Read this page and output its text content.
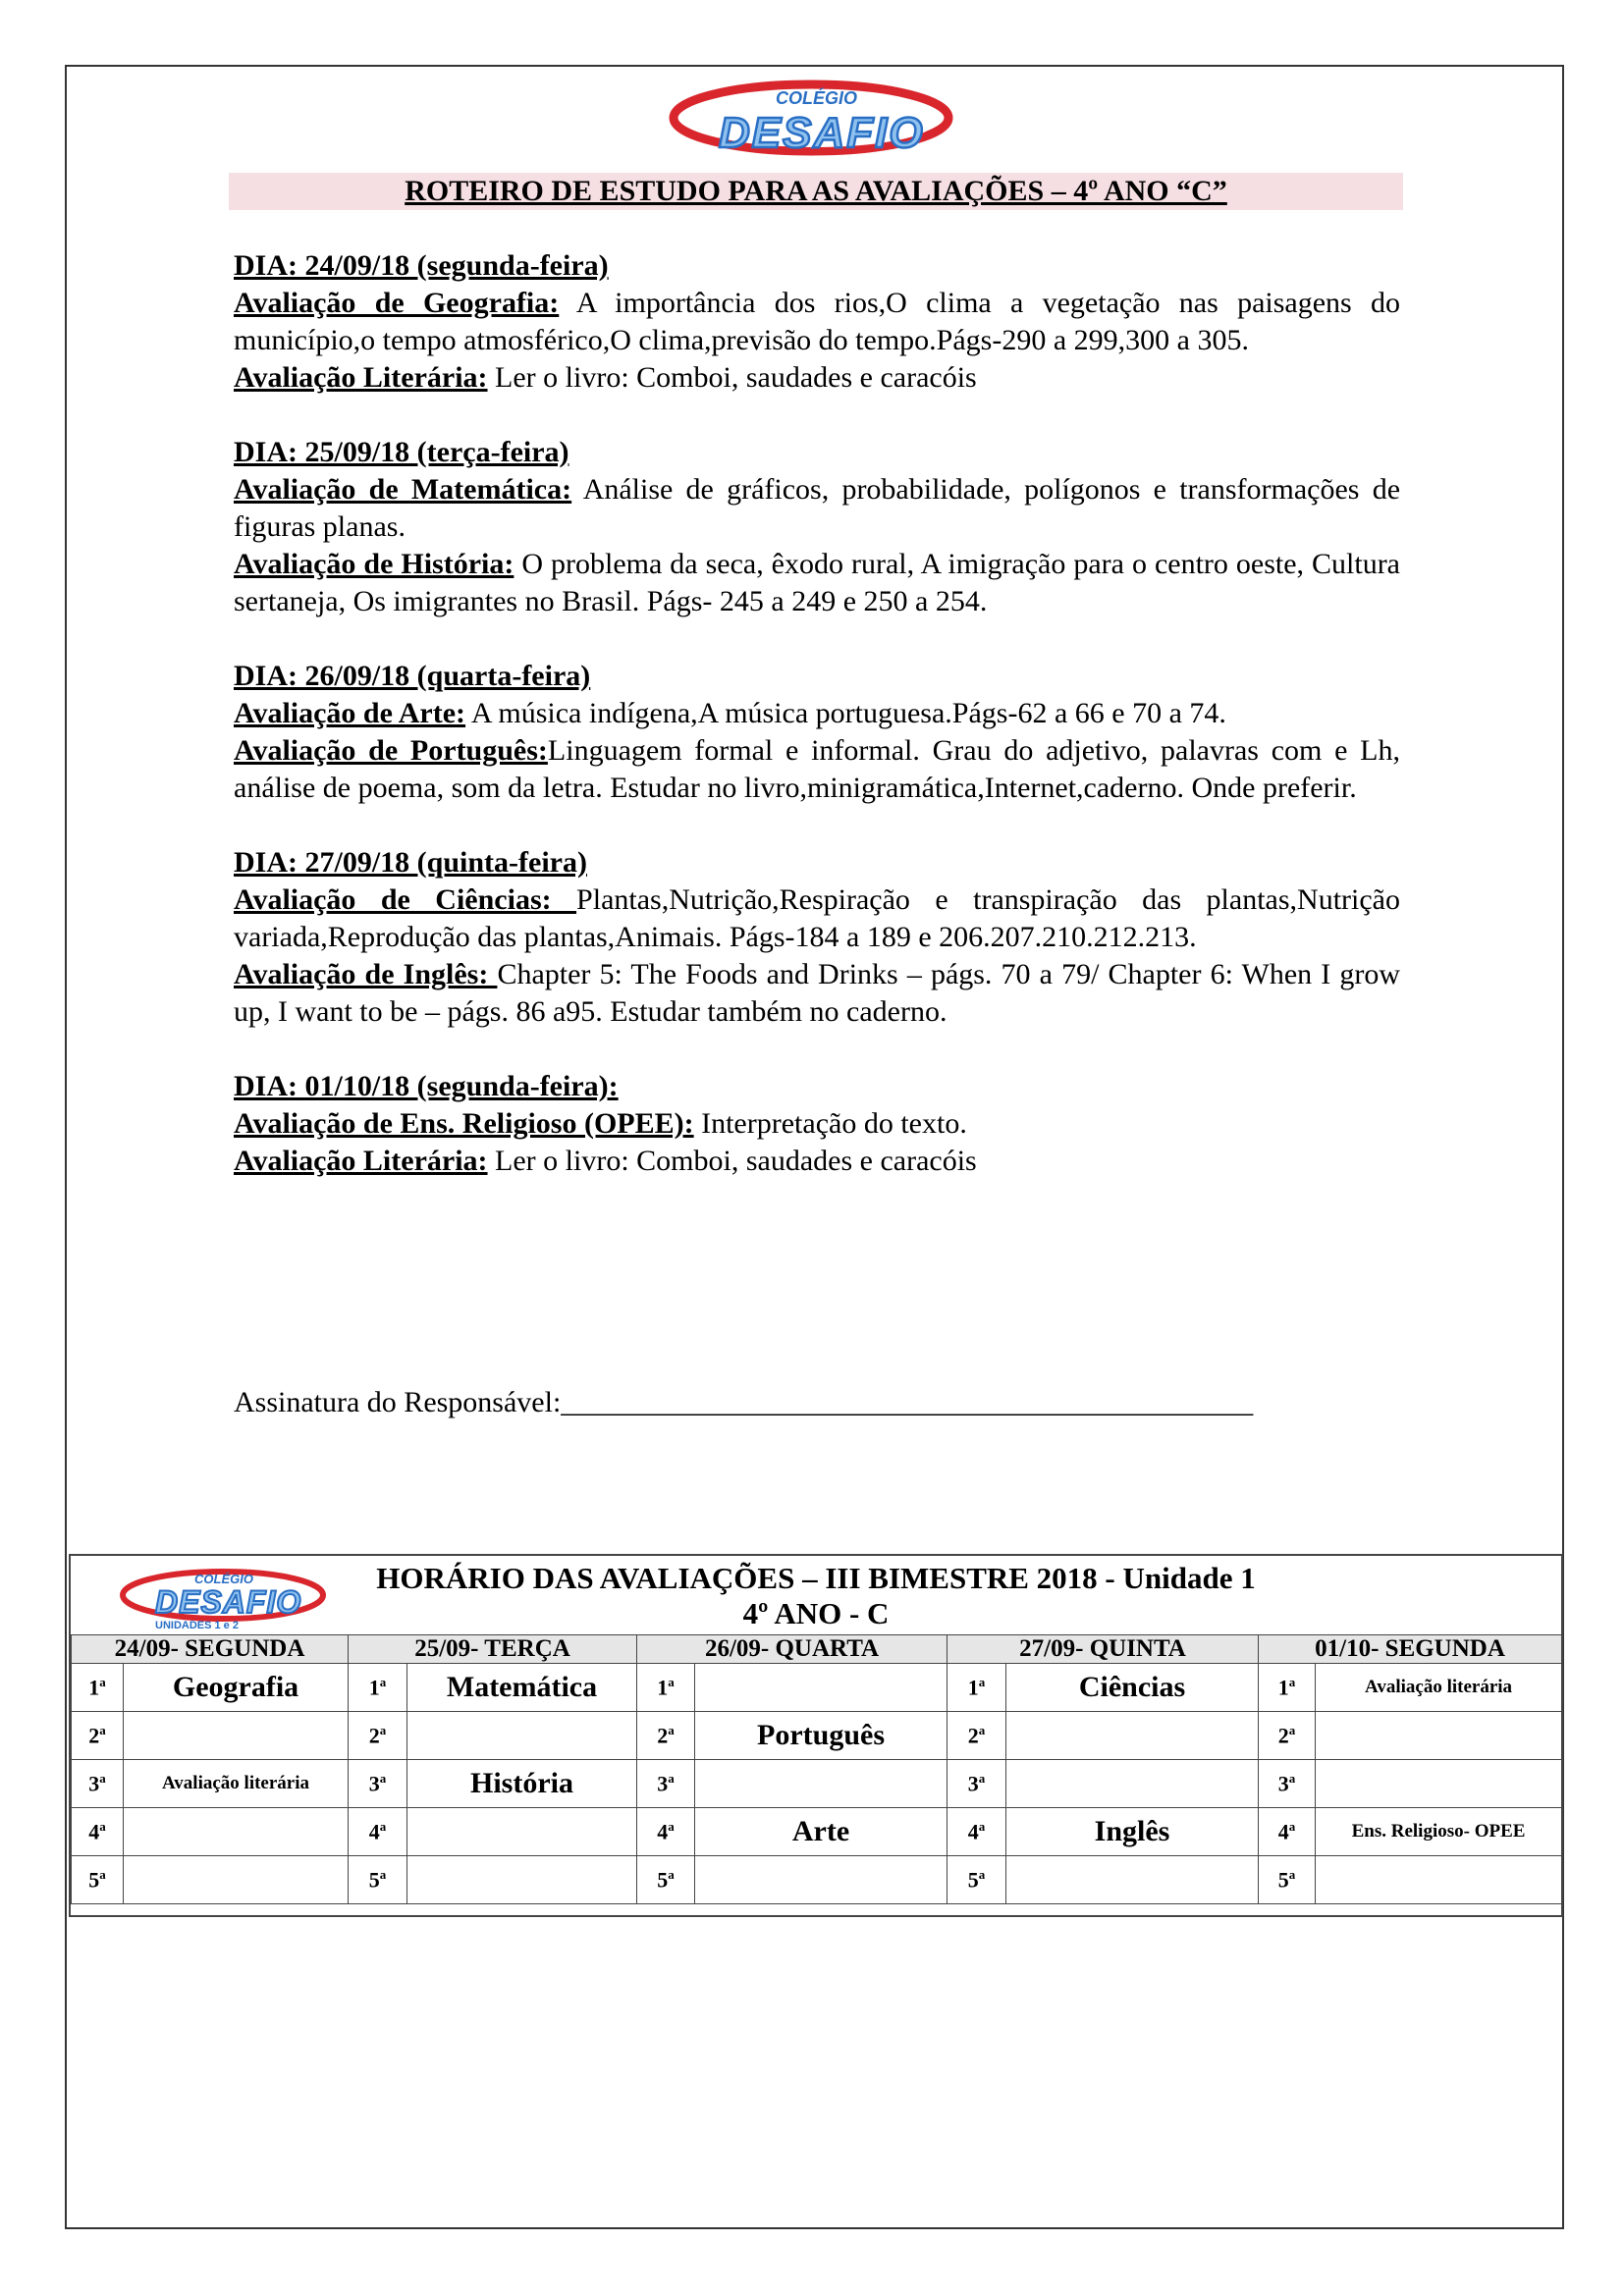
COLÉGIO
DESAFIO
ROTEIRO DE ESTUDO PARA AS AVALIAÇÕES – 4º ANO “C”
DIA: 24/09/18 (segunda-feira)

Avaliação de Geografia: A importância dos rios,O clima a vegetação nas paisagens do município,o tempo atmosférico,O clima,previsão do tempo.Págs-290 a 299,300 a 305.

Avaliação Literária: Ler o livro: Comboi, saudades e caracóis

DIA: 25/09/18 (terça-feira)

Avaliação de Matemática: Análise de gráficos, probabilidade, polígonos e transformações de figuras planas.

Avaliação de História: O problema da seca, êxodo rural, A imigração para o centro oeste, Cultura sertaneja, Os imigrantes no Brasil. Págs- 245 a 249 e 250 a 254.

DIA: 26/09/18 (quarta-feira)

Avaliação de Arte: A música indígena,A música portuguesa.Págs-62 a 66 e 70 a 74.

Avaliação de Português:Linguagem formal e informal. Grau do adjetivo, palavras com e Lh, análise de poema, som da letra. Estudar no livro,minigramática,Internet,caderno. Onde preferir.

DIA: 27/09/18 (quinta-feira)

Avaliação de Ciências: Plantas,Nutrição,Respiração e transpiração das plantas,Nutrição variada,Reprodução das plantas,Animais. Págs-184 a 189 e 206.207.210.212.213.

Avaliação de Inglês: Chapter 5: The Foods and Drinks – págs. 70 a 79/ Chapter 6: When I grow up, I want to be – págs. 86 a95. Estudar também no caderno.

DIA: 01/10/18 (segunda-feira):

Avaliação de Ens. Religioso (OPEE): Interpretação do texto.

Avaliação Literária: Ler o livro: Comboi, saudades e caracóis

Assinatura do Responsável:_______________________________________________
HORÁRIO DAS AVALIAÇÕES – III BIMESTRE 2018 - Unidade 1
4º ANO - C
24/09- SEGUNDA		25/09- TERÇA		26/09- QUARTA		27/09- QUINTA		01/10- SEGUNDA	
1$^a$	Geografia	1$^a$	Matemática	1$^a$		1$^a$	Ciências	1$^a$	Avaliação literária
2$^a$		2$^a$		2$^a$	Português	2$^a$		2$^a$	
3$^a$	Avaliação literária	3$^a$	História	3$^a$		3$^a$		3$^a$	
4$^a$		4$^a$		4$^a$	Arte	4$^a$	Inglês	4$^a$	Ens. Religioso- OPEE
5$^a$		5$^a$		5$^a$		5$^a$		5$^a$	
COLÉGIO
DESAFIO
UNIDADES 1 e 2
